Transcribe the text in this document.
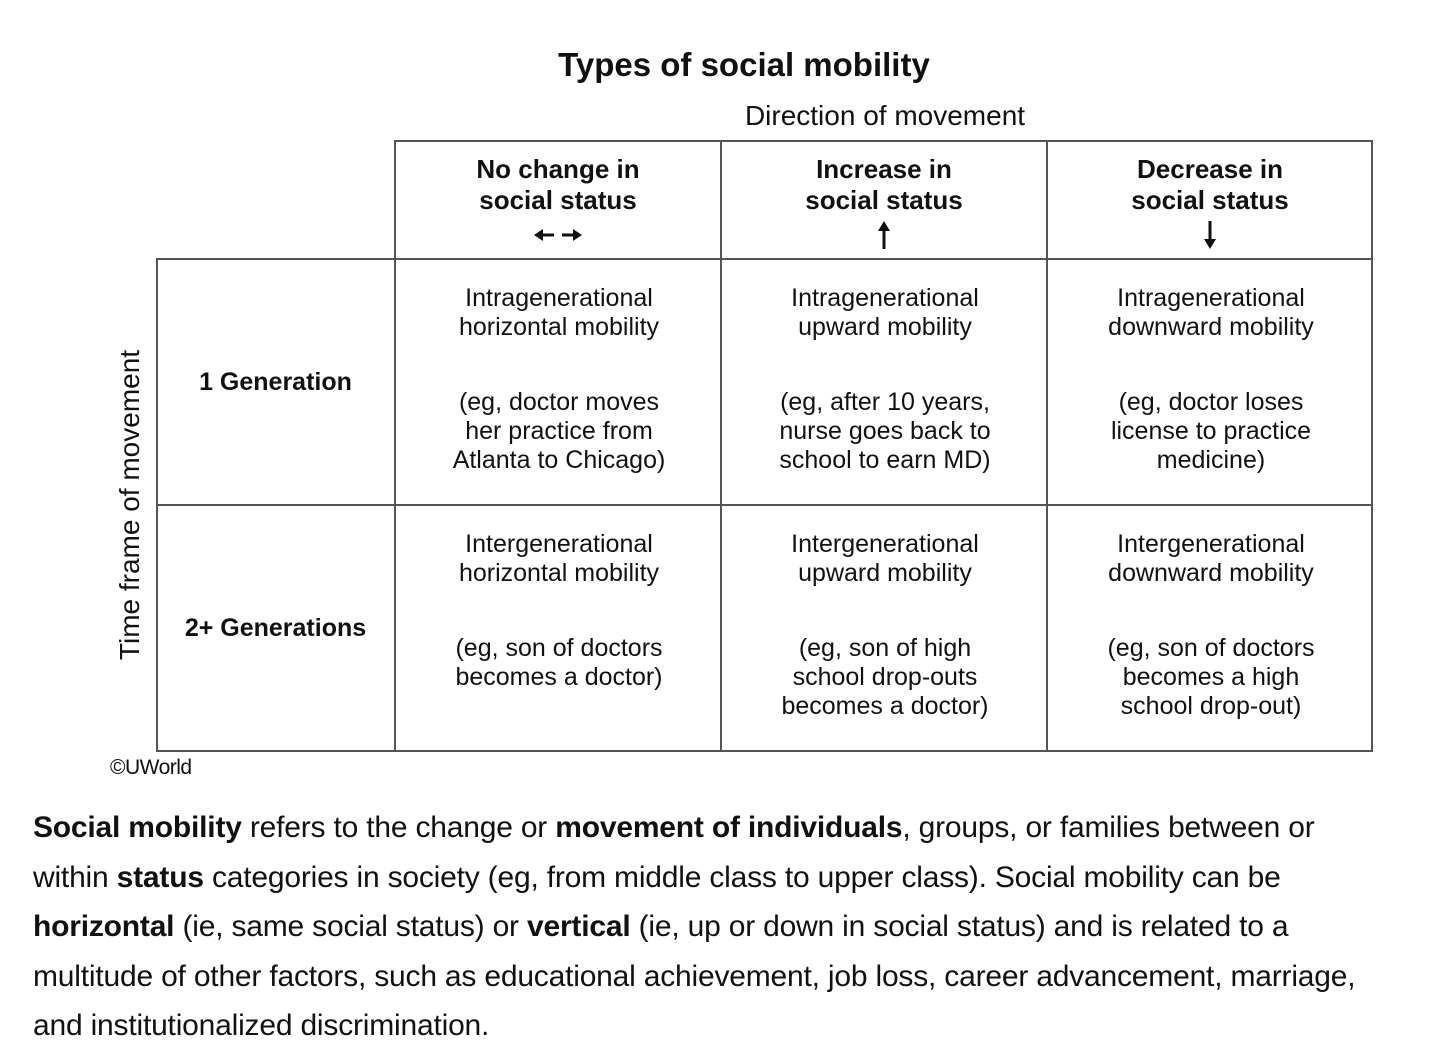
Types of social mobility
Direction of movement
Time frame of movement
No change in
social status
Increase in
social status
Decrease in
social status
1 Generation
2+ Generations
Intragenerational
horizontal mobility
(eg, doctor moves
her practice from
Atlanta to Chicago)
Intragenerational
upward mobility
(eg, after 10 years,
nurse goes back to
school to earn MD)
Intragenerational
downward mobility
(eg, doctor loses
license to practice
medicine)
Intergenerational
horizontal mobility
(eg, son of doctors
becomes a doctor)
Intergenerational
upward mobility
(eg, son of high
school drop-outs
becomes a doctor)
Intergenerational
downward mobility
(eg, son of doctors
becomes a high
school drop-out)
©UWorld
Social mobility refers to the change or movement of individuals, groups, or families between or
within status categories in society (eg, from middle class to upper class). Social mobility can be
horizontal (ie, same social status) or vertical (ie, up or down in social status) and is related to a
multitude of other factors, such as educational achievement, job loss, career advancement, marriage,
and institutionalized discrimination.
